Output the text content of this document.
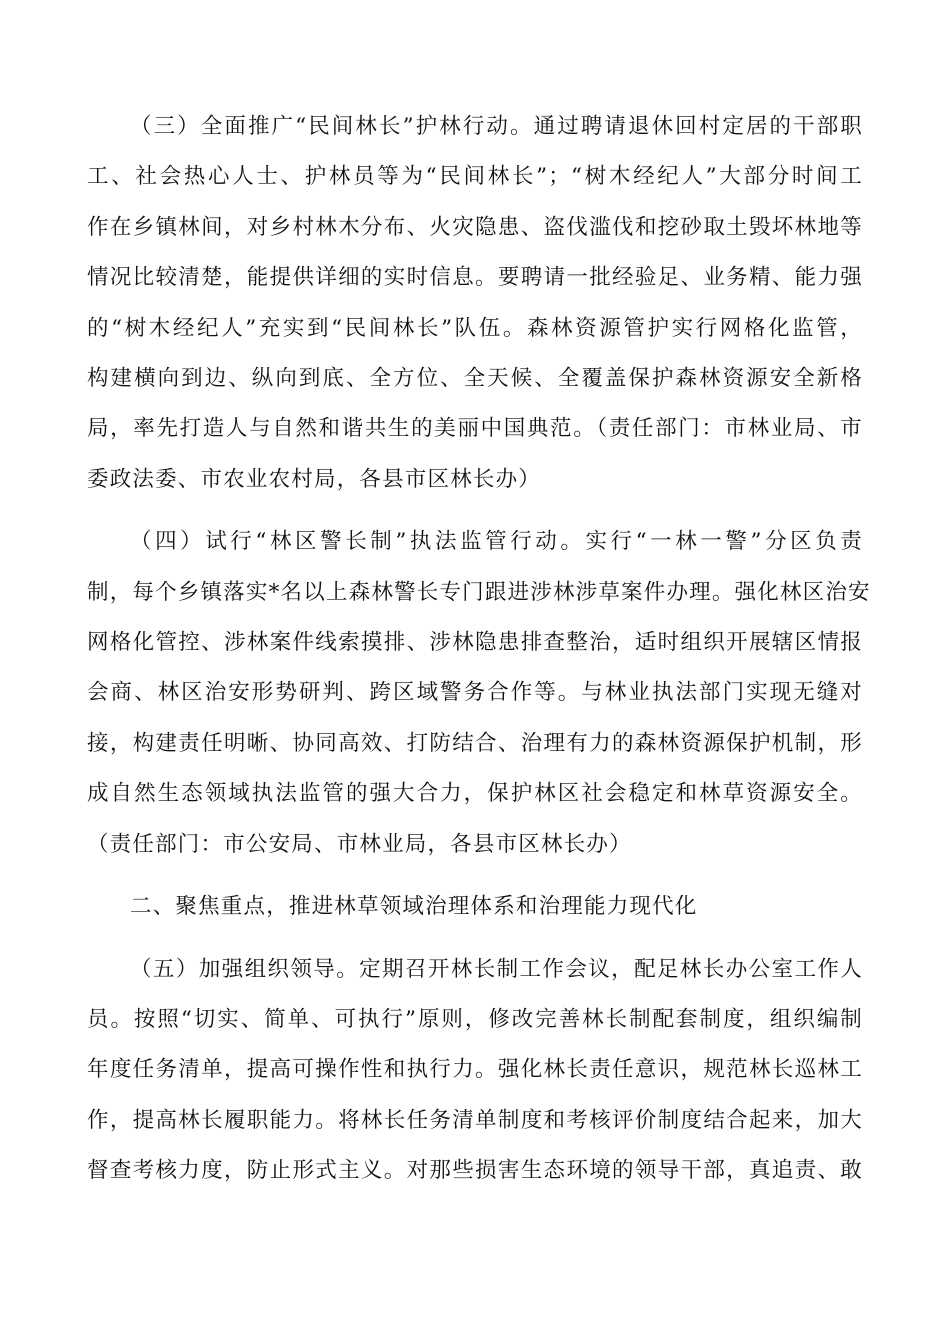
（三）全面推广“民间林长”护林行动。通过聘请退休回村定居的干部职
工、社会热心人士、护林员等为“民间林长”；“树木经纪人”大部分时间工
作在乡镇林间，对乡村林木分布、火灾隐患、盗伐滥伐和挖砂取土毁坏林地等
情况比较清楚，能提供详细的实时信息。要聘请一批经验足、业务精、能力强
的“树木经纪人”充实到“民间林长”队伍。森林资源管护实行网格化监管，
构建横向到边、纵向到底、全方位、全天候、全覆盖保护森林资源安全新格
局，率先打造人与自然和谐共生的美丽中国典范。（责任部门：市林业局、市
委政法委、市农业农村局，各县市区林长办）
（四）试行“林区警长制”执法监管行动。实行“一林一警”分区负责
制，每个乡镇落实*名以上森林警长专门跟进涉林涉草案件办理。强化林区治安
网格化管控、涉林案件线索摸排、涉林隐患排查整治，适时组织开展辖区情报
会商、林区治安形势研判、跨区域警务合作等。与林业执法部门实现无缝对
接，构建责任明晰、协同高效、打防结合、治理有力的森林资源保护机制，形
成自然生态领域执法监管的强大合力，保护林区社会稳定和林草资源安全。
（责任部门：市公安局、市林业局，各县市区林长办）
二、聚焦重点，推进林草领域治理体系和治理能力现代化
（五）加强组织领导。定期召开林长制工作会议，配足林长办公室工作人
员。按照“切实、简单、可执行”原则，修改完善林长制配套制度，组织编制
年度任务清单，提高可操作性和执行力。强化林长责任意识，规范林长巡林工
作，提高林长履职能力。将林长任务清单制度和考核评价制度结合起来，加大
督查考核力度，防止形式主义。对那些损害生态环境的领导干部，真追责、敢
